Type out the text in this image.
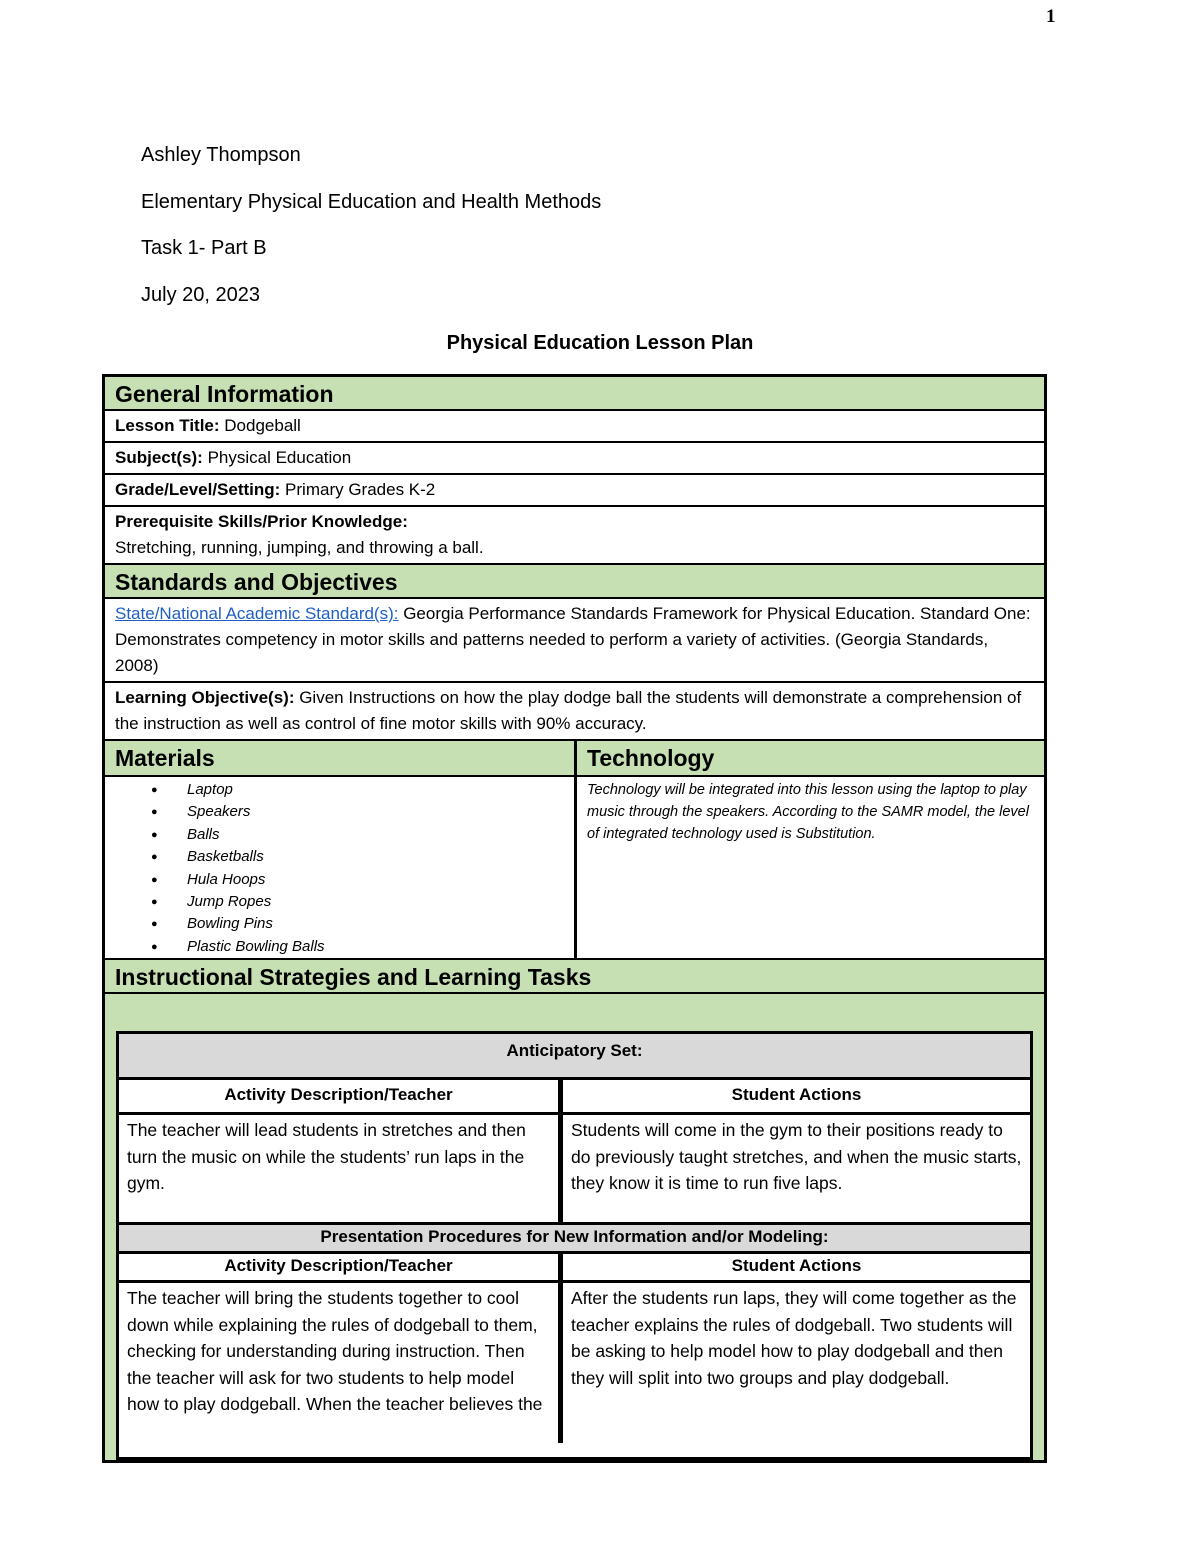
1
Ashley Thompson
Elementary Physical Education and Health Methods
Task 1- Part B
July 20, 2023
Physical Education Lesson Plan
General Information
Lesson Title: Dodgeball
Subject(s): Physical Education
Grade/Level/Setting: Primary Grades K-2
Prerequisite Skills/Prior Knowledge:
Stretching, running, jumping, and throwing a ball.
Standards and Objectives
State/National Academic Standard(s): Georgia Performance Standards Framework for Physical Education. Standard One: Demonstrates competency in motor skills and patterns needed to perform a variety of activities. (Georgia Standards, 2008)
Learning Objective(s): Given Instructions on how the play dodge ball the students will demonstrate a comprehension of the instruction as well as control of fine motor skills with 90% accuracy.
Materials	Technology
● Laptop
● Speakers
● Balls
● Basketballs
● Hula Hoops
● Jump Ropes
● Bowling Pins
● Plastic Bowling Balls
Technology will be integrated into this lesson using the laptop to play music through the speakers. According to the SAMR model, the level of integrated technology used is Substitution.
Instructional Strategies and Learning Tasks
Anticipatory Set:
Activity Description/Teacher	Student Actions
The teacher will lead students in stretches and then turn the music on while the students’ run laps in the gym.
Students will come in the gym to their positions ready to do previously taught stretches, and when the music starts, they know it is time to run five laps.
Presentation Procedures for New Information and/or Modeling:
Activity Description/Teacher	Student Actions
The teacher will bring the students together to cool down while explaining the rules of dodgeball to them, checking for understanding during instruction. Then the teacher will ask for two students to help model how to play dodgeball. When the teacher believes the
After the students run laps, they will come together as the teacher explains the rules of dodgeball. Two students will be asking to help model how to play dodgeball and then they will split into two groups and play dodgeball.
